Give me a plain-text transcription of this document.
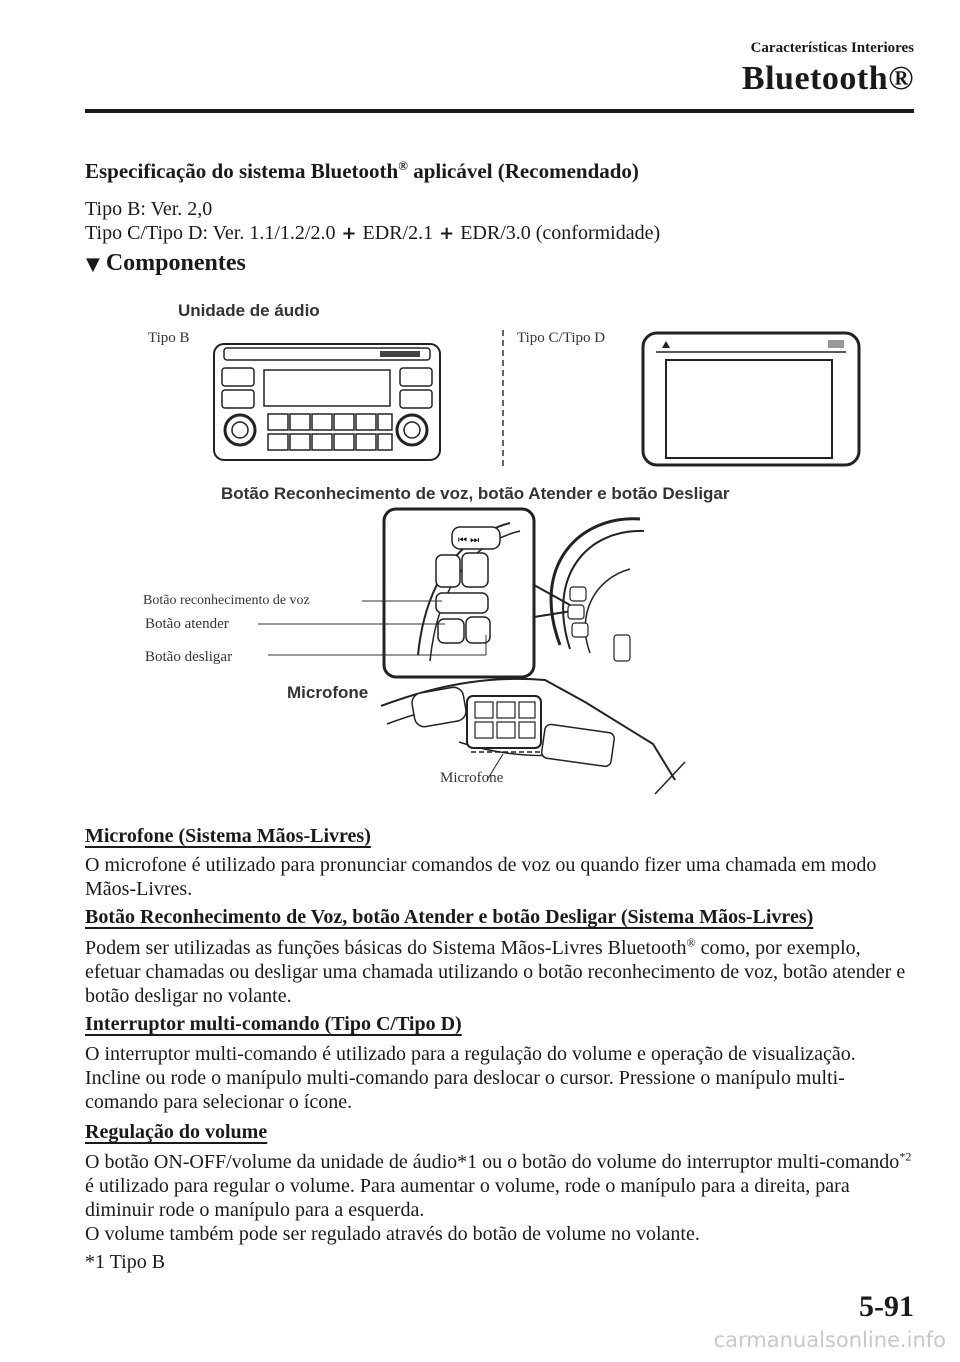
Características Interiores
Bluetooth®
Especificação do sistema Bluetooth® aplicável (Recomendado)
Tipo B: Ver. 2,0
Tipo C/Tipo D: Ver. 1.1/1.2/2.0 + EDR/2.1 + EDR/3.0 (conformidade)
▼ Componentes
Unidade de áudio
Tipo B	Tipo C/Tipo D
Botão Reconhecimento de voz, botão Atender e botão Desligar
Botão reconhecimento de voz
Botão atender
Botão desligar
Microfone
Microfone
⏮ ⏭
Microfone (Sistema Mãos-Livres)
O microfone é utilizado para pronunciar comandos de voz ou quando fizer uma chamada em modo Mãos-Livres.
Botão Reconhecimento de Voz, botão Atender e botão Desligar (Sistema Mãos-Livres)
Podem ser utilizadas as funções básicas do Sistema Mãos-Livres Bluetooth® como, por exemplo, efetuar chamadas ou desligar uma chamada utilizando o botão reconhecimento de voz, botão atender e botão desligar no volante.
Interruptor multi-comando (Tipo C/Tipo D)
O interruptor multi-comando é utilizado para a regulação do volume e operação de visualização. Incline ou rode o manípulo multi-comando para deslocar o cursor. Pressione o manípulo multi-comando para selecionar o ícone.
Regulação do volume
O botão ON-OFF/volume da unidade de áudio*1 ou o botão do volume do interruptor multi-comando$^{*2}$ é utilizado para regular o volume. Para aumentar o volume, rode o manípulo para a direita, para diminuir rode o manípulo para a esquerda.
O volume também pode ser regulado através do botão de volume no volante.
*1 Tipo B
5-91
carmanualsonline.info
